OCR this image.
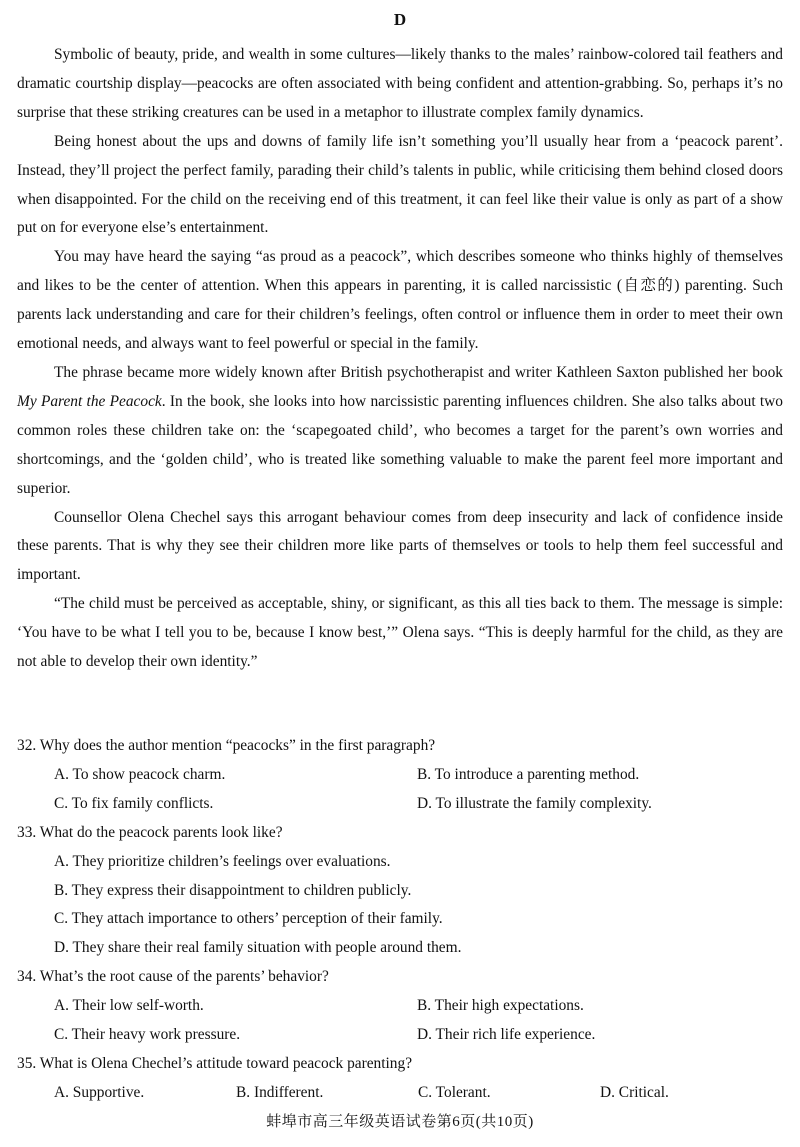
D

Symbolic of beauty, pride, and wealth in some cultures—likely thanks to the males’ rainbow-colored tail feathers and dramatic courtship display—peacocks are often associated with being confident and attention-grabbing. So, perhaps it’s no surprise that these striking creatures can be used in a metaphor to illustrate complex family dynamics.

Being honest about the ups and downs of family life isn’t something you’ll usually hear from a ‘peacock parent’. Instead, they’ll project the perfect family, parading their child’s talents in public, while criticising them behind closed doors when disappointed. For the child on the receiving end of this treatment, it can feel like their value is only as part of a show put on for everyone else’s entertainment.

You may have heard the saying “as proud as a peacock”, which describes someone who thinks highly of themselves and likes to be the center of attention. When this appears in parenting, it is called narcissistic (自恋的) parenting. Such parents lack understanding and care for their children’s feelings, often control or influence them in order to meet their own emotional needs, and always want to feel powerful or special in the family.

The phrase became more widely known after British psychotherapist and writer Kathleen Saxton published her book My Parent the Peacock. In the book, she looks into how narcissistic parenting influences children. She also talks about two common roles these children take on: the ‘scapegoated child’, who becomes a target for the parent’s own worries and shortcomings, and the ‘golden child’, who is treated like something valuable to make the parent feel more important and superior.

Counsellor Olena Chechel says this arrogant behaviour comes from deep insecurity and lack of confidence inside these parents. That is why they see their children more like parts of themselves or tools to help them feel successful and important.

“The child must be perceived as acceptable, shiny, or significant, as this all ties back to them. The message is simple: ‘You have to be what I tell you to be, because I know best,’” Olena says. “This is deeply harmful for the child, as they are not able to develop their own identity.”

32. Why does the author mention “peacocks” in the first paragraph?

A. To show peacock charm.	B. To introduce a parenting method.
C. To fix family conflicts.	D. To illustrate the family complexity.

33. What do the peacock parents look like?

A. They prioritize children’s feelings over evaluations.

B. They express their disappointment to children publicly.

C. They attach importance to others’ perception of their family.

D. They share their real family situation with people around them.

34. What’s the root cause of the parents’ behavior?

A. Their low self-worth.	B. Their high expectations.
C. Their heavy work pressure.	D. Their rich life experience.

35. What is Olena Chechel’s attitude toward peacock parenting?

A. Supportive.	B. Indifferent.	C. Tolerant.	D. Critical.
蚌埠市高三年级英语试卷第6页(共10页)
